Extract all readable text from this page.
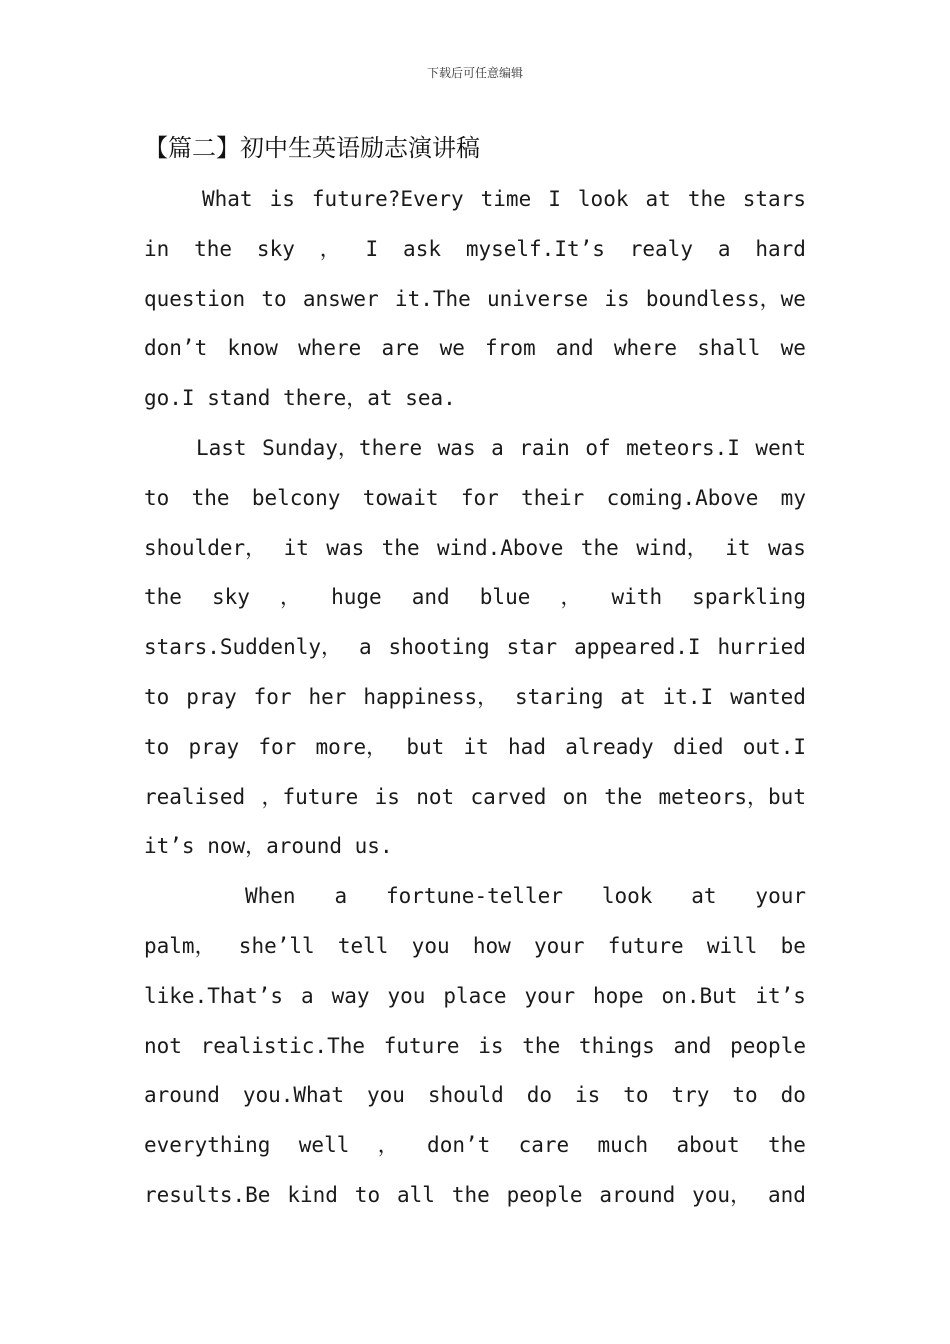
下载后可任意编辑
【篇二】初中生英语励志演讲稿
What is future?Every time I look at the stars
in the sky ， I ask myself.It’s realy a hard
question to answer it.The universe is boundless，we
don’t know where are we from and where shall we
go.I stand there，at sea.
Last Sunday，there was a rain of meteors.I went
to the belcony towait for their coming.Above my
shoulder， it was the wind.Above the wind， it was
the sky ， huge and blue ， with sparkling
stars.Suddenly， a shooting star appeared.I hurried
to pray for her happiness， staring at it.I wanted
to pray for more， but it had already died out.I
realised ，future is not carved on the meteors，but
it’s now，around us.
When a fortune-teller look at your
palm， she’ll tell you how your future will be
like.That’s a way you place your hope on.But it’s
not realistic.The future is the things and people
around you.What you should do is to try to do
everything well ， don’t care much about the
results.Be kind to all the people around you， and
